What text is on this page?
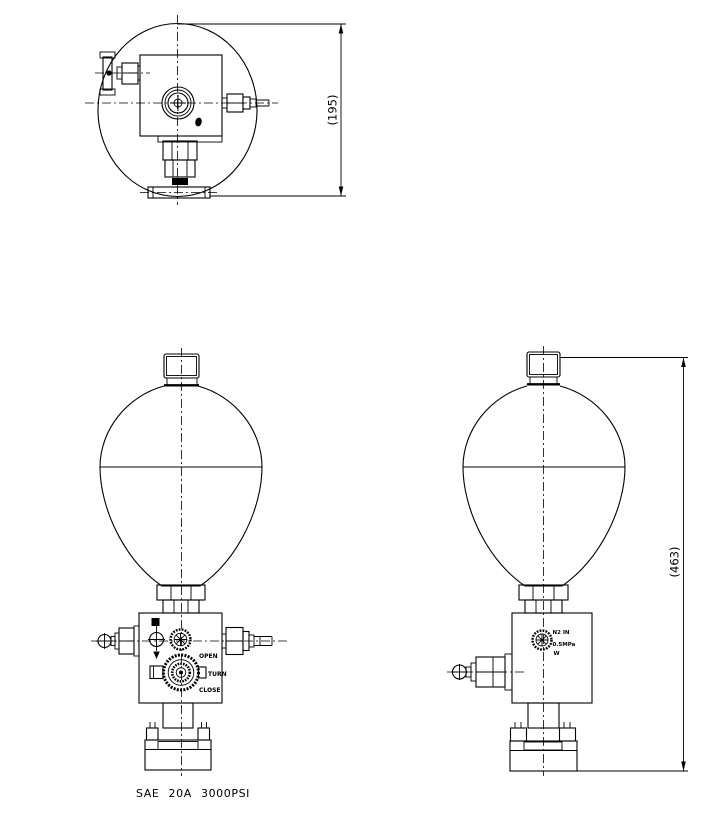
(195)
OPEN
TURN
CLOSE
N2 IN
0.5MPa
W
(463)
SAE 20A 3000PSI
